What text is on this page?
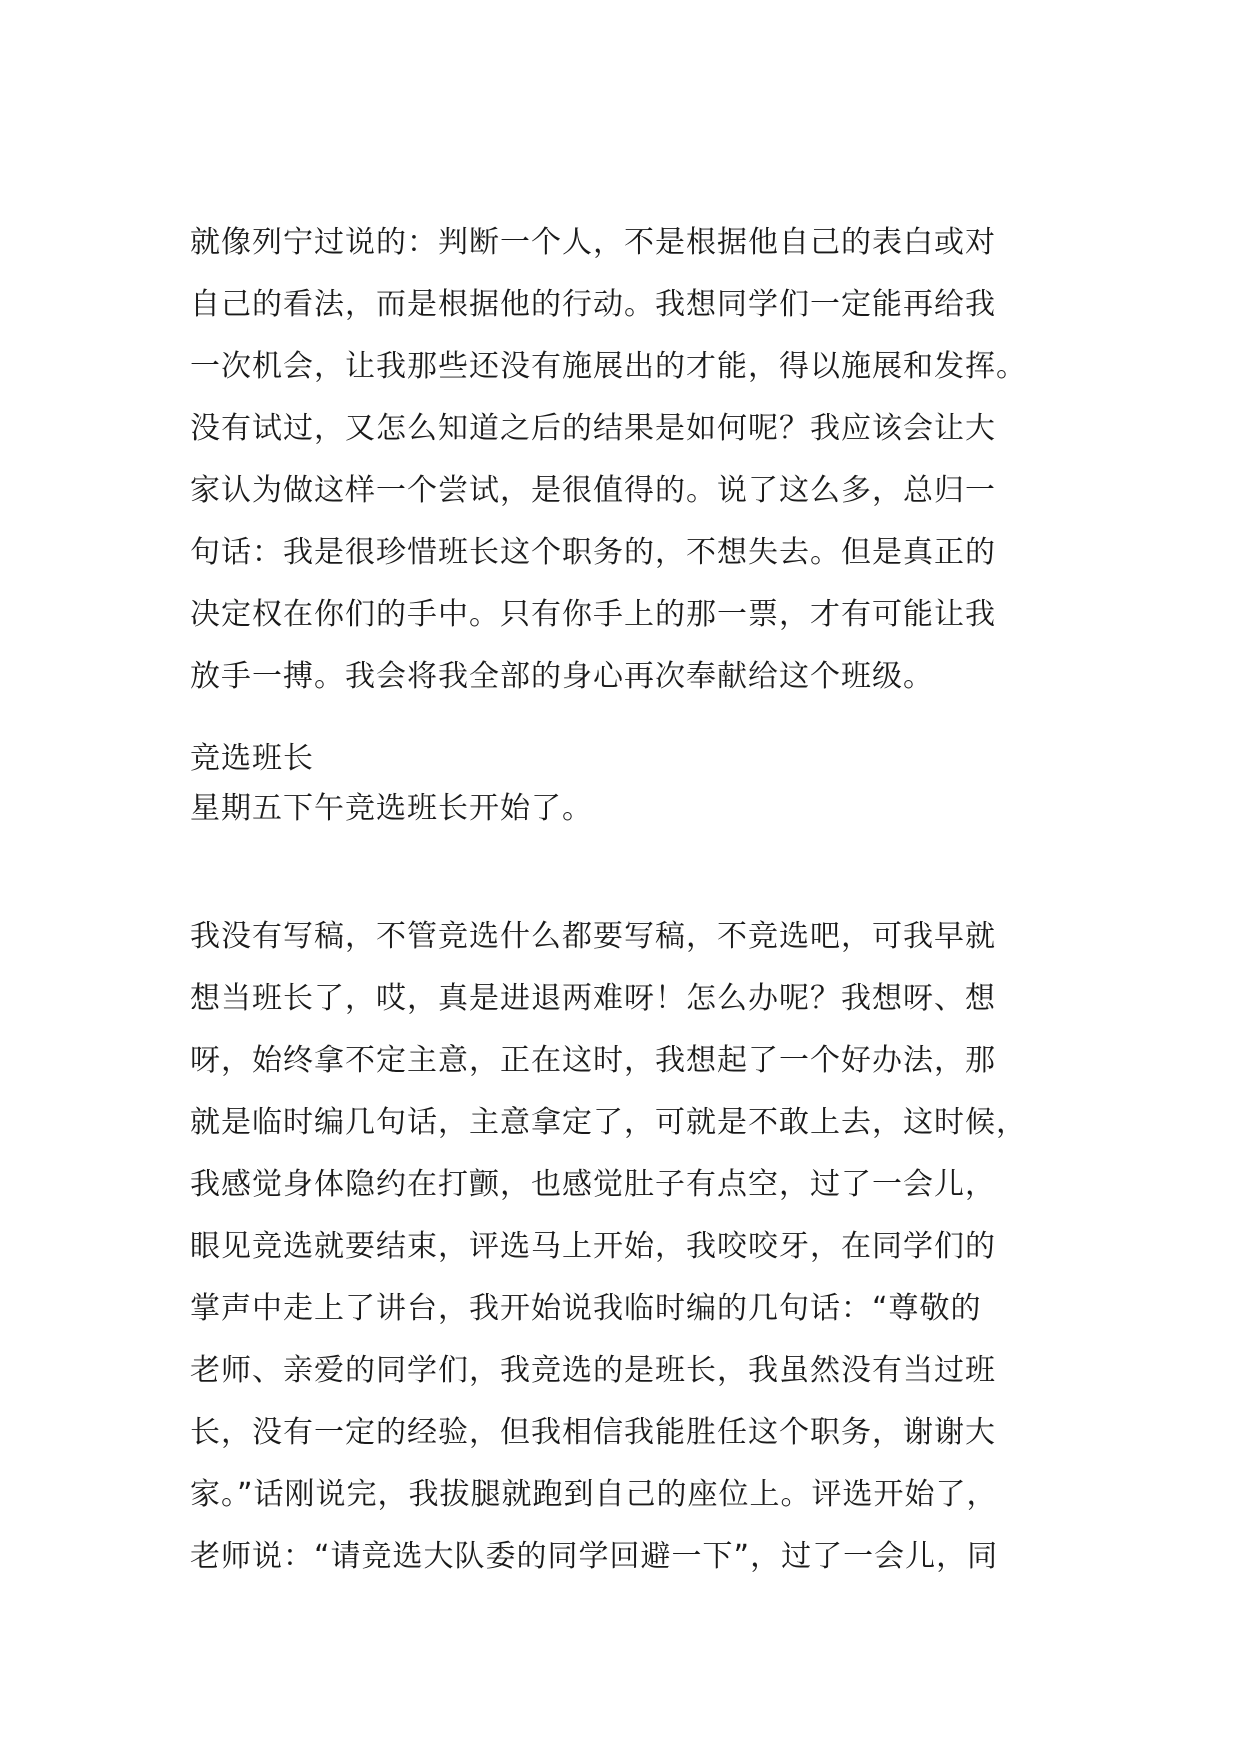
就像列宁过说的：判断一个人，不是根据他自己的表白或对
自己的看法，而是根据他的行动。我想同学们一定能再给我
一次机会，让我那些还没有施展出的才能，得以施展和发挥。
没有试过，又怎么知道之后的结果是如何呢？我应该会让大
家认为做这样一个尝试，是很值得的。说了这么多，总归一
句话：我是很珍惜班长这个职务的，不想失去。但是真正的
决定权在你们的手中。只有你手上的那一票，才有可能让我
放手一搏。我会将我全部的身心再次奉献给这个班级。
竞选班长
星期五下午竞选班长开始了。
我没有写稿，不管竞选什么都要写稿，不竞选吧，可我早就
想当班长了，哎，真是进退两难呀！怎么办呢？我想呀、想
呀，始终拿不定主意，正在这时，我想起了一个好办法，那
就是临时编几句话，主意拿定了，可就是不敢上去，这时候，
我感觉身体隐约在打颤，也感觉肚子有点空，过了一会儿，
眼见竞选就要结束，评选马上开始，我咬咬牙，在同学们的
掌声中走上了讲台，我开始说我临时编的几句话：“尊敬的
老师、亲爱的同学们，我竞选的是班长，我虽然没有当过班
长，没有一定的经验，但我相信我能胜任这个职务，谢谢大
家。”话刚说完，我拔腿就跑到自己的座位上。评选开始了，
老师说：“请竞选大队委的同学回避一下”，过了一会儿，同
